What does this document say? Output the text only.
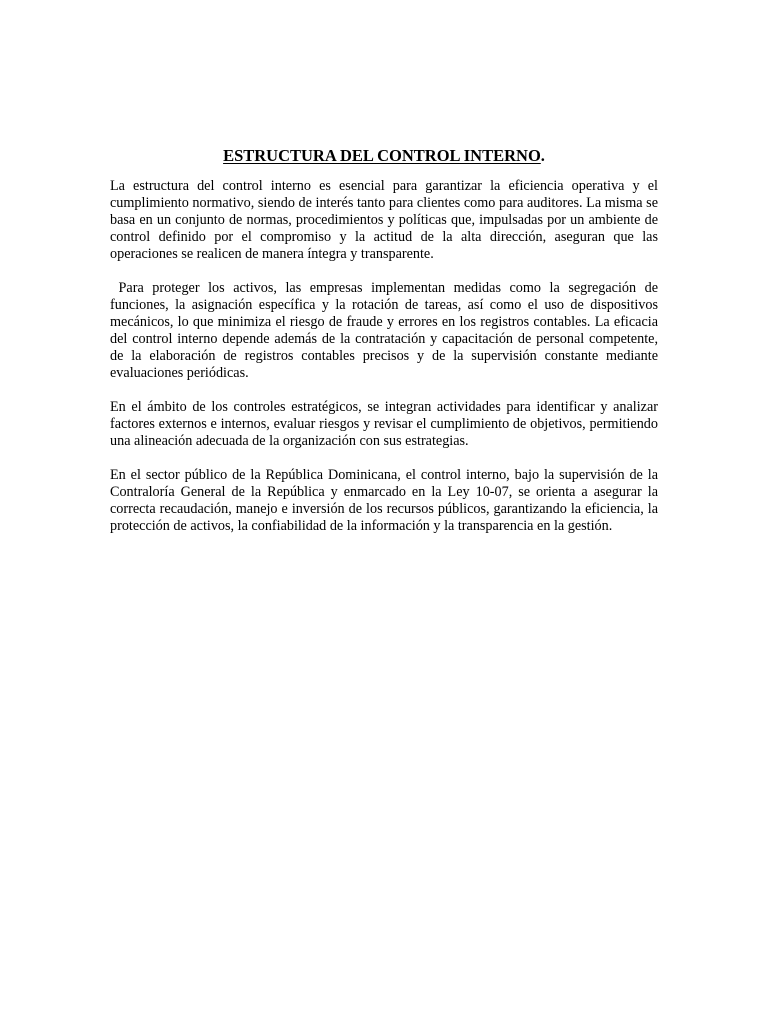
ESTRUCTURA DEL CONTROL INTERNO.

La estructura del control interno es esencial para garantizar la eficiencia operativa y el cumplimiento normativo, siendo de interés tanto para clientes como para auditores. La misma se basa en un conjunto de normas, procedimientos y políticas que, impulsadas por un ambiente de control definido por el compromiso y la actitud de la alta dirección, aseguran que las operaciones se realicen de manera íntegra y transparente.

Para proteger los activos, las empresas implementan medidas como la segregación de funciones, la asignación específica y la rotación de tareas, así como el uso de dispositivos mecánicos, lo que minimiza el riesgo de fraude y errores en los registros contables. La eficacia del control interno depende además de la contratación y capacitación de personal competente, de la elaboración de registros contables precisos y de la supervisión constante mediante evaluaciones periódicas.

En el ámbito de los controles estratégicos, se integran actividades para identificar y analizar factores externos e internos, evaluar riesgos y revisar el cumplimiento de objetivos, permitiendo una alineación adecuada de la organización con sus estrategias.

En el sector público de la República Dominicana, el control interno, bajo la supervisión de la Contraloría General de la República y enmarcado en la Ley 10-07, se orienta a asegurar la correcta recaudación, manejo e inversión de los recursos públicos, garantizando la eficiencia, la protección de activos, la confiabilidad de la información y la transparencia en la gestión.
